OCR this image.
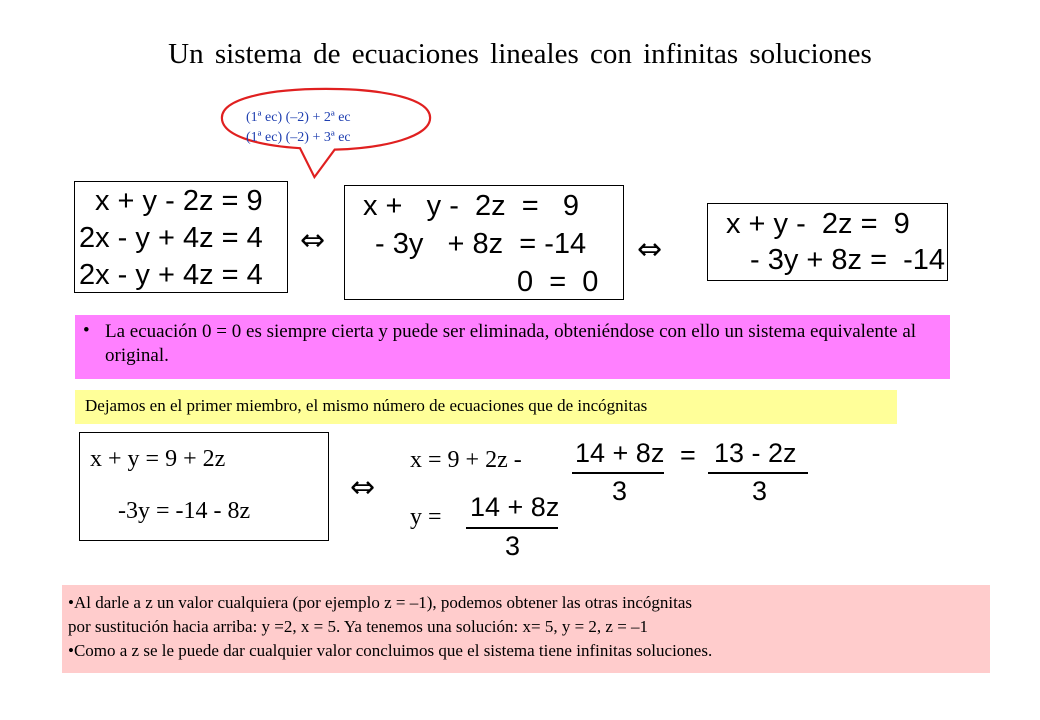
Un sistema de ecuaciones lineales con infinitas soluciones
(1ª ec) (–2) + 2ª ec
(1ª ec) (–2) + 3ª ec
x + y - 2z = 9
2x - y + 4z = 4
2x - y + 4z = 4
⇔
x +   y -  2z  =   9
- 3y   + 8z  = -14
0  =  0
⇔
x + y -  2z =  9
- 3y + 8z =  -14
• La ecuación 0 = 0 es siempre cierta y puede ser eliminada, obteniéndose con ello un sistema equivalente al original.
Dejamos en el primer miembro, el mismo número de ecuaciones que de incógnitas
x + y = 9 + 2z
-3y = -14 - 8z
⇔
x = 9 + 2z - 14 + 8z
3
= 13 - 2z
3
y = 14 + 8z
3
•Al darle a z un valor cualquiera (por ejemplo z = –1), podemos obtener las otras incógnitas
por sustitución hacia arriba: y =2, x = 5. Ya tenemos una solución: x= 5, y = 2, z = –1
•Como a z se le puede dar cualquier valor concluimos que el sistema tiene infinitas soluciones.
